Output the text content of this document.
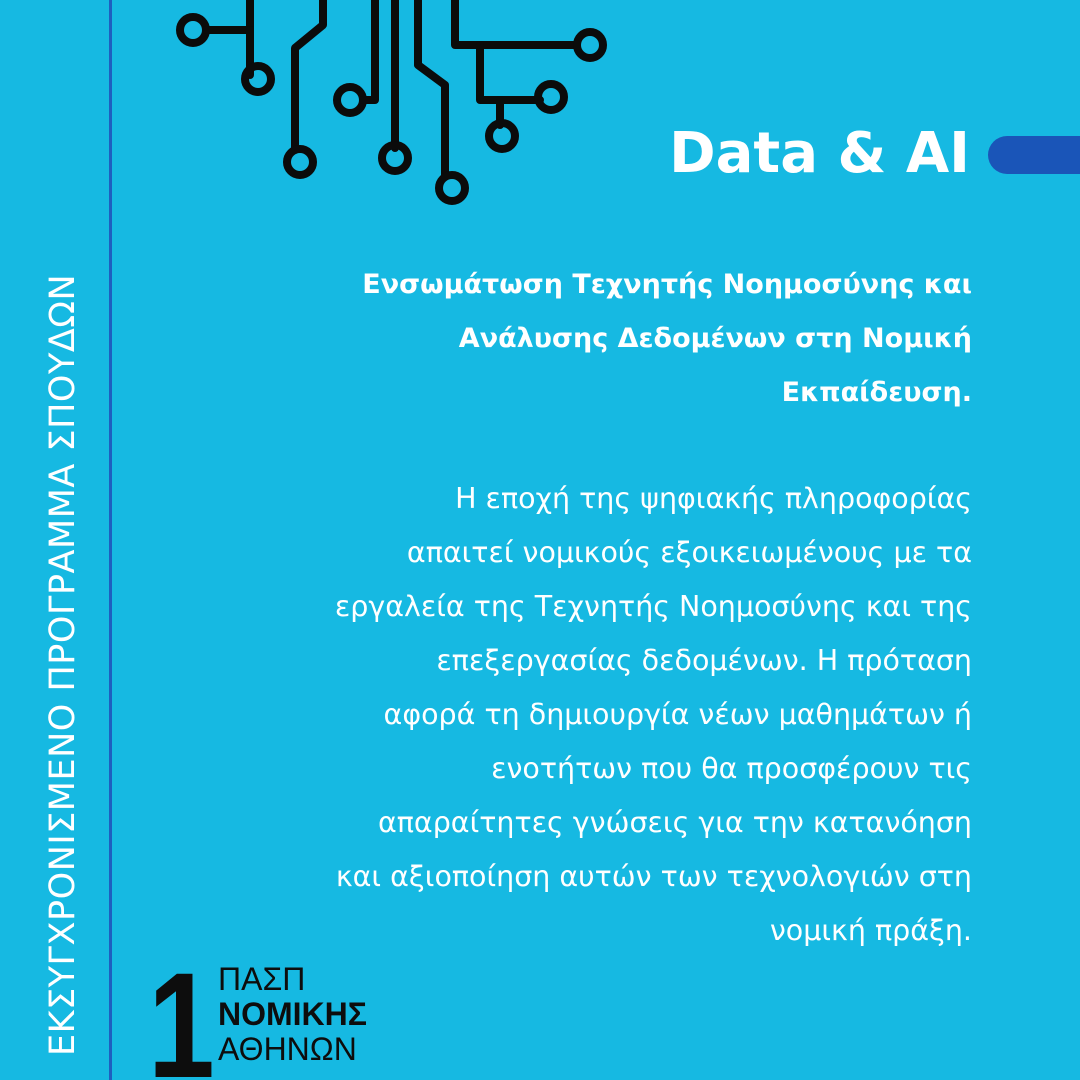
ΕΚΣΥΓΧΡΟΝΙΣΜΕΝΟ ΠΡΟΓΡΑΜΜΑ ΣΠΟΥΔΩΝ
Data & AI
Ενσωμάτωση Τεχνητής Νοημοσύνης και
Ανάλυσης Δεδομένων στη Νομική
Εκπαίδευση.
Η εποχή της ψηφιακής πληροφορίας
απαιτεί νομικούς εξοικειωμένους με τα
εργαλεία της Τεχνητής Νοημοσύνης και της
επεξεργασίας δεδομένων. Η πρόταση
αφορά τη δημιουργία νέων μαθημάτων ή
ενοτήτων που θα προσφέρουν τις
απαραίτητες γνώσεις για την κατανόηση
και αξιοποίηση αυτών των τεχνολογιών στη
νομική πράξη.
1 ΠΑΣΠ
ΝΟΜΙΚΗΣ
ΑΘΗΝΩΝ
